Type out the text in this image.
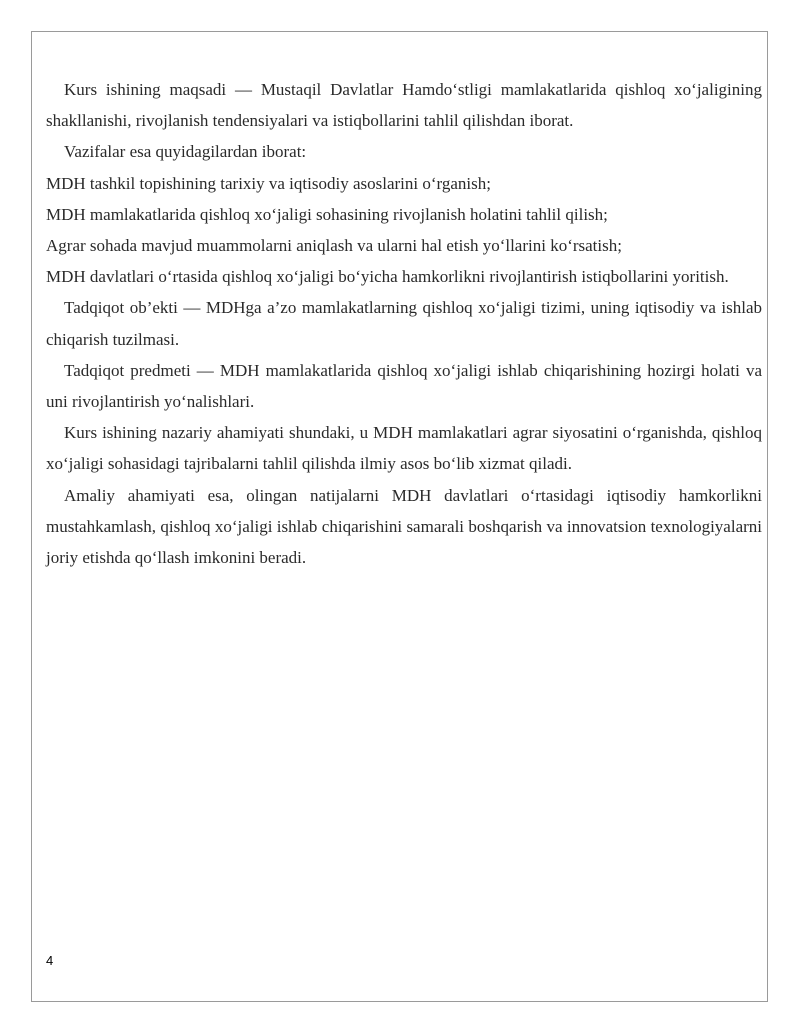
Kurs ishining maqsadi — Mustaqil Davlatlar Hamdo‘stligi mamlakatlarida qishloq xo‘jaligining shakllanishi, rivojlanish tendensiyalari va istiqbollarini tahlil qilishdan iborat.

Vazifalar esa quyidagilardan iborat:

MDH tashkil topishining tarixiy va iqtisodiy asoslarini o‘rganish;

MDH mamlakatlarida qishloq xo‘jaligi sohasining rivojlanish holatini tahlil qilish;

Agrar sohada mavjud muammolarni aniqlash va ularni hal etish yo‘llarini ko‘rsatish;

MDH davlatlari o‘rtasida qishloq xo‘jaligi bo‘yicha hamkorlikni rivojlantirish istiqbollarini yoritish.

Tadqiqot ob’ekti — MDHga a’zo mamlakatlarning qishloq xo‘jaligi tizimi, uning iqtisodiy va ishlab chiqarish tuzilmasi.

Tadqiqot predmeti — MDH mamlakatlarida qishloq xo‘jaligi ishlab chiqarishining hozirgi holati va uni rivojlantirish yo‘nalishlari.

Kurs ishining nazariy ahamiyati shundaki, u MDH mamlakatlari agrar siyosatini o‘rganishda, qishloq xo‘jaligi sohasidagi tajribalarni tahlil qilishda ilmiy asos bo‘lib xizmat qiladi.

Amaliy ahamiyati esa, olingan natijalarni MDH davlatlari o‘rtasidagi iqtisodiy hamkorlikni mustahkamlash, qishloq xo‘jaligi ishlab chiqarishini samarali boshqarish va innovatsion texnologiyalarni joriy etishda qo‘llash imkonini beradi.

4
